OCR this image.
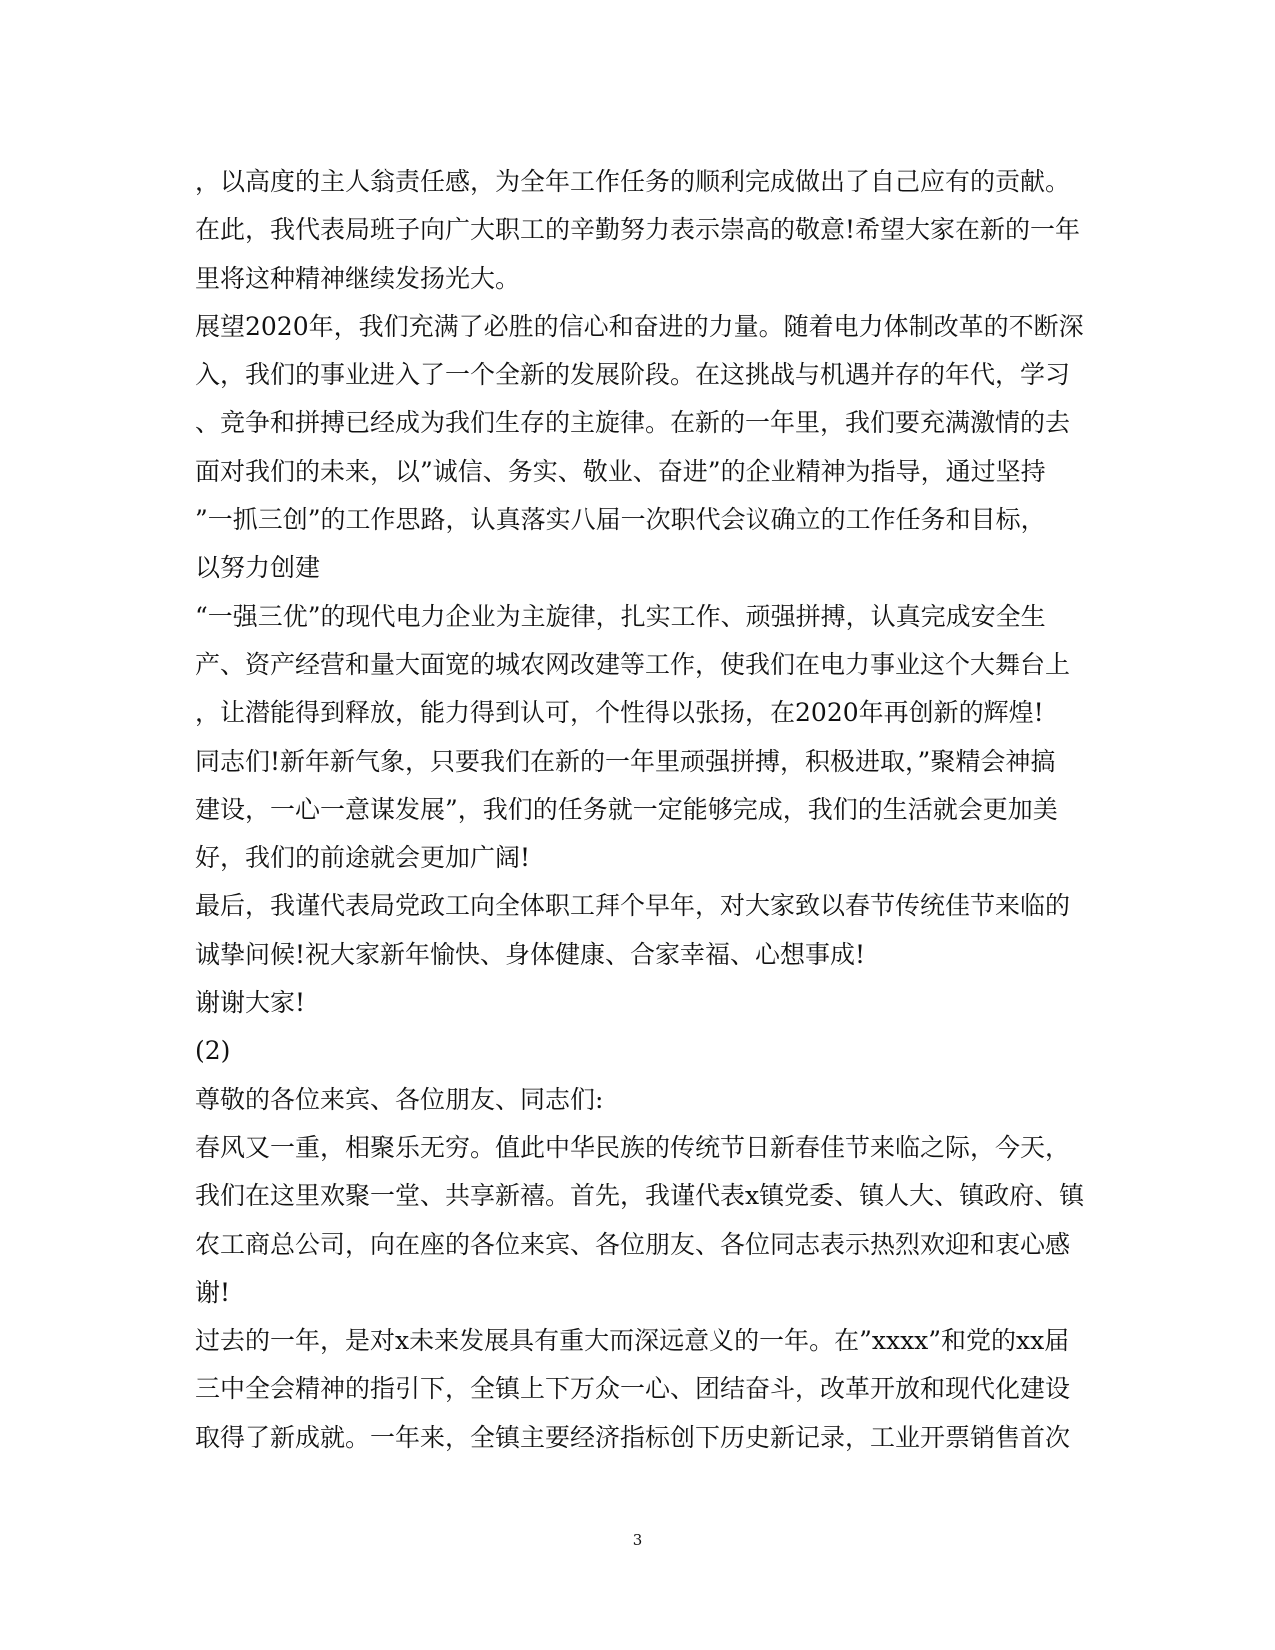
，以高度的主人翁责任感，为全年工作任务的顺利完成做出了自己应有的贡献。
在此，我代表局班子向广大职工的辛勤努力表示崇高的敬意!希望大家在新的一年
里将这种精神继续发扬光大。
展望2020年，我们充满了必胜的信心和奋进的力量。随着电力体制改革的不断深
入，我们的事业进入了一个全新的发展阶段。在这挑战与机遇并存的年代，学习
、竞争和拼搏已经成为我们生存的主旋律。在新的一年里，我们要充满激情的去
面对我们的未来，以”诚信、务实、敬业、奋进”的企业精神为指导，通过坚持
”一抓三创”的工作思路，认真落实八届一次职代会议确立的工作任务和目标，
以努力创建
“一强三优”的现代电力企业为主旋律，扎实工作、顽强拼搏，认真完成安全生
产、资产经营和量大面宽的城农网改建等工作，使我们在电力事业这个大舞台上
，让潜能得到释放，能力得到认可，个性得以张扬，在2020年再创新的辉煌!
同志们!新年新气象，只要我们在新的一年里顽强拼搏，积极进取，”聚精会神搞
建设，一心一意谋发展”，我们的任务就一定能够完成，我们的生活就会更加美
好，我们的前途就会更加广阔!
最后，我谨代表局党政工向全体职工拜个早年，对大家致以春节传统佳节来临的
诚挚问候!祝大家新年愉快、身体健康、合家幸福、心想事成!
谢谢大家!
(2)
尊敬的各位来宾、各位朋友、同志们:
春风又一重，相聚乐无穷。值此中华民族的传统节日新春佳节来临之际，今天，
我们在这里欢聚一堂、共享新禧。首先，我谨代表x镇党委、镇人大、镇政府、镇
农工商总公司，向在座的各位来宾、各位朋友、各位同志表示热烈欢迎和衷心感
谢!
过去的一年，是对x未来发展具有重大而深远意义的一年。在”xxxx”和党的xx届
三中全会精神的指引下，全镇上下万众一心、团结奋斗，改革开放和现代化建设
取得了新成就。一年来，全镇主要经济指标创下历史新记录，工业开票销售首次
3
